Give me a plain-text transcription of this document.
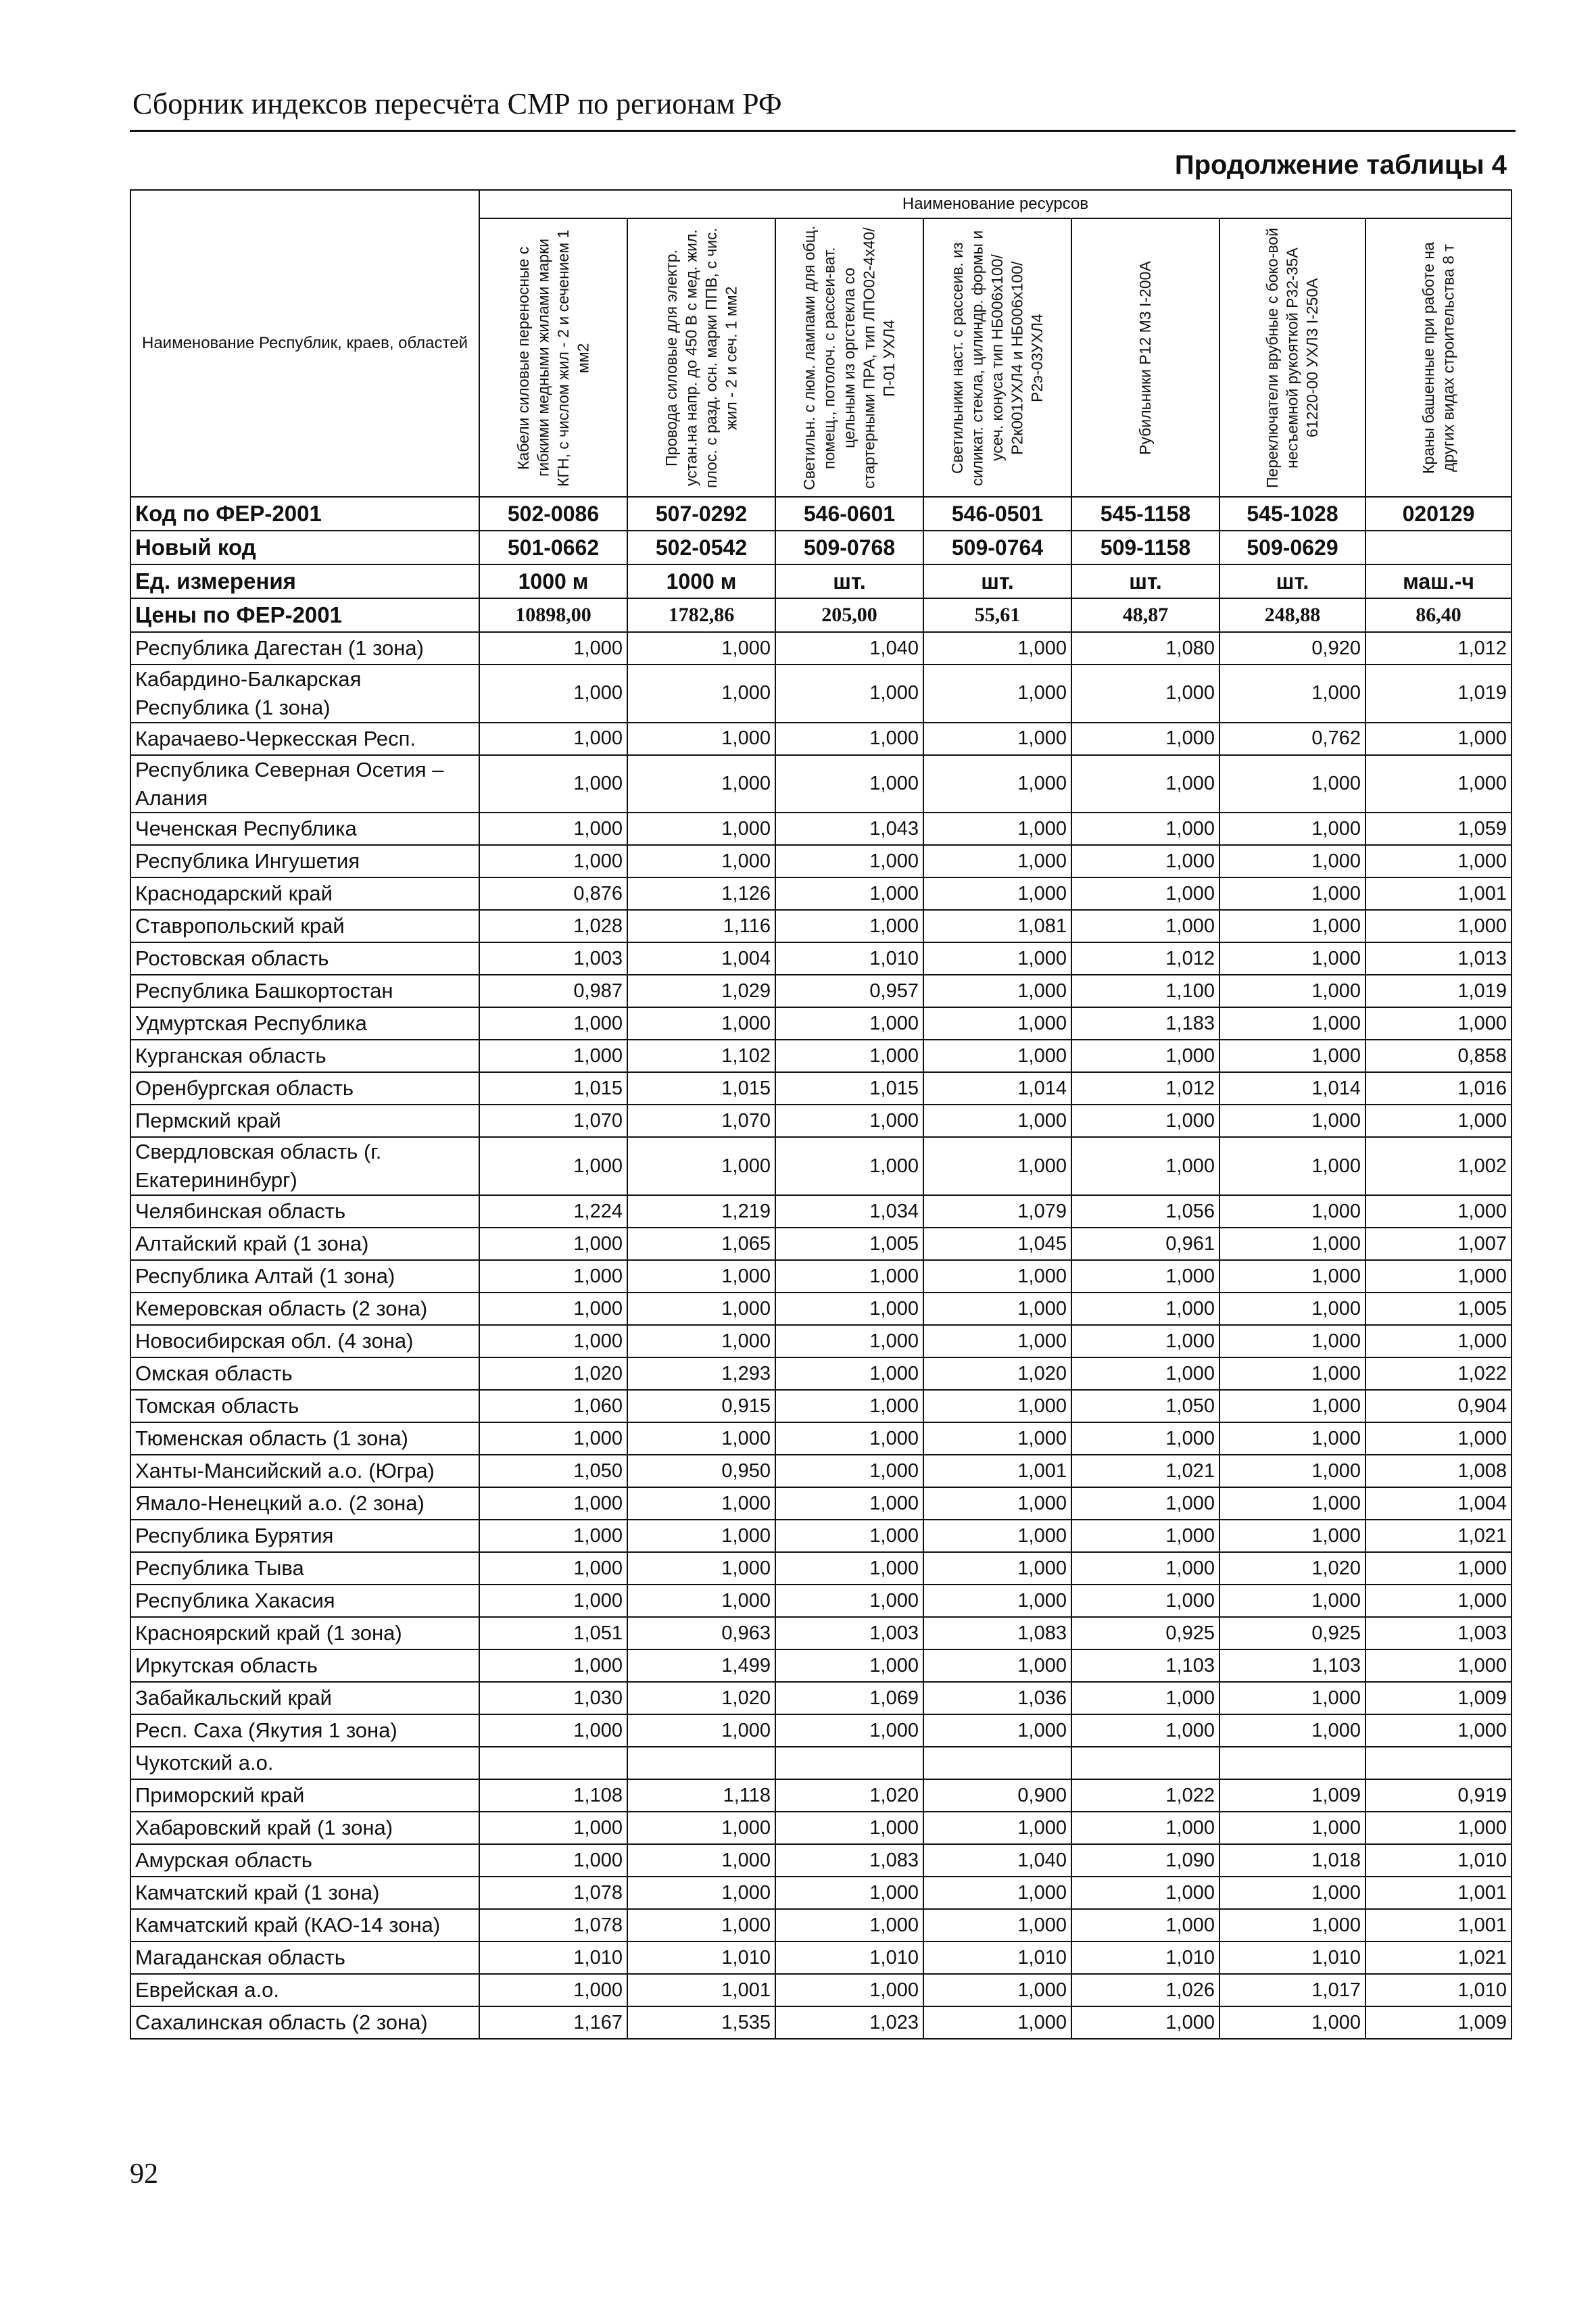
Сборник индексов пересчёта СМР по регионам РФ
Продолжение таблицы 4
Наименование Республик, краев, областей	Наименование ресурсов						

	Кабели силовые переносные с гибкими медными жилами марки КГН, с числом жил - 2 и сечением 1 мм2	Провода силовые для электр. устан.на напр. до 450 В с мед. жил. плос. с разд. осн. марки ППВ, с чис. жил - 2 и сеч. 1 мм2	Светильн. с люм. лампами для общ. помещ., потолоч. с рассеи-ват. цельным из оргстекла со стартерными ПРА, тип ЛПО02-4х40/П-01 УХЛ4	Светильники наст. с рассеив. из силикат. стекла, цилиндр. формы и усеч. конуса тип НБ006х100/Р2к001УХЛ4 и НБ006х100/Р2э-03УХЛ4	Рубильники Р12 М3 I-200А	Переключатели врубные с боко-вой несъемной рукояткой Р32-35А 61220-00 УХЛ3 I-250А	Краны башенные при работе на других видах строительства 8 т

Код по ФЕР-2001	502-0086	507-0292	546-0601	546-0501	545-1158	545-1028	020129
Новый код	501-0662	502-0542	509-0768	509-0764	509-1158	509-0629	
Ед. измерения	1000 м	1000 м	шт.	шт.	шт.	шт.	маш.-ч
Цены по ФЕР-2001	10898,00	1782,86	205,00	55,61	48,87	248,88	86,40
Республика Дагестан (1 зона)	1,000	1,000	1,040	1,000	1,080	0,920	1,012
Кабардино-Балкарская Республика (1 зона)	1,000	1,000	1,000	1,000	1,000	1,000	1,019
Карачаево-Черкесская Респ.	1,000	1,000	1,000	1,000	1,000	0,762	1,000
Республика Северная Осетия – Алания	1,000	1,000	1,000	1,000	1,000	1,000	1,000
Чеченская Республика	1,000	1,000	1,043	1,000	1,000	1,000	1,059
Республика Ингушетия	1,000	1,000	1,000	1,000	1,000	1,000	1,000
Краснодарский край	0,876	1,126	1,000	1,000	1,000	1,000	1,001
Ставропольский край	1,028	1,116	1,000	1,081	1,000	1,000	1,000
Ростовская область	1,003	1,004	1,010	1,000	1,012	1,000	1,013
Республика Башкортостан	0,987	1,029	0,957	1,000	1,100	1,000	1,019
Удмуртская Республика	1,000	1,000	1,000	1,000	1,183	1,000	1,000
Курганская область	1,000	1,102	1,000	1,000	1,000	1,000	0,858
Оренбургская область	1,015	1,015	1,015	1,014	1,012	1,014	1,016
Пермский край	1,070	1,070	1,000	1,000	1,000	1,000	1,000
Свердловская область (г. Екатерининбург)	1,000	1,000	1,000	1,000	1,000	1,000	1,002
Челябинская область	1,224	1,219	1,034	1,079	1,056	1,000	1,000
Алтайский край (1 зона)	1,000	1,065	1,005	1,045	0,961	1,000	1,007
Республика Алтай (1 зона)	1,000	1,000	1,000	1,000	1,000	1,000	1,000
Кемеровская область (2 зона)	1,000	1,000	1,000	1,000	1,000	1,000	1,005
Новосибирская обл. (4 зона)	1,000	1,000	1,000	1,000	1,000	1,000	1,000
Омская область	1,020	1,293	1,000	1,020	1,000	1,000	1,022
Томская область	1,060	0,915	1,000	1,000	1,050	1,000	0,904
Тюменская область (1 зона)	1,000	1,000	1,000	1,000	1,000	1,000	1,000
Ханты-Мансийский а.о. (Югра)	1,050	0,950	1,000	1,001	1,021	1,000	1,008
Ямало-Ненецкий а.о. (2 зона)	1,000	1,000	1,000	1,000	1,000	1,000	1,004
Республика Бурятия	1,000	1,000	1,000	1,000	1,000	1,000	1,021
Республика Тыва	1,000	1,000	1,000	1,000	1,000	1,020	1,000
Республика Хакасия	1,000	1,000	1,000	1,000	1,000	1,000	1,000
Красноярский край (1 зона)	1,051	0,963	1,003	1,083	0,925	0,925	1,003
Иркутская область	1,000	1,499	1,000	1,000	1,103	1,103	1,000
Забайкальский край	1,030	1,020	1,069	1,036	1,000	1,000	1,009
Респ. Саха (Якутия 1 зона)	1,000	1,000	1,000	1,000	1,000	1,000	1,000
Чукотский а.о.							
Приморский край	1,108	1,118	1,020	0,900	1,022	1,009	0,919
Хабаровский край (1 зона)	1,000	1,000	1,000	1,000	1,000	1,000	1,000
Амурская область	1,000	1,000	1,083	1,040	1,090	1,018	1,010
Камчатский край (1 зона)	1,078	1,000	1,000	1,000	1,000	1,000	1,001
Камчатский край (КАО-14 зона)	1,078	1,000	1,000	1,000	1,000	1,000	1,001
Магаданская область	1,010	1,010	1,010	1,010	1,010	1,010	1,021
Еврейская а.о.	1,000	1,001	1,000	1,000	1,026	1,017	1,010
Сахалинская область (2 зона)	1,167	1,535	1,023	1,000	1,000	1,000	1,009
92
